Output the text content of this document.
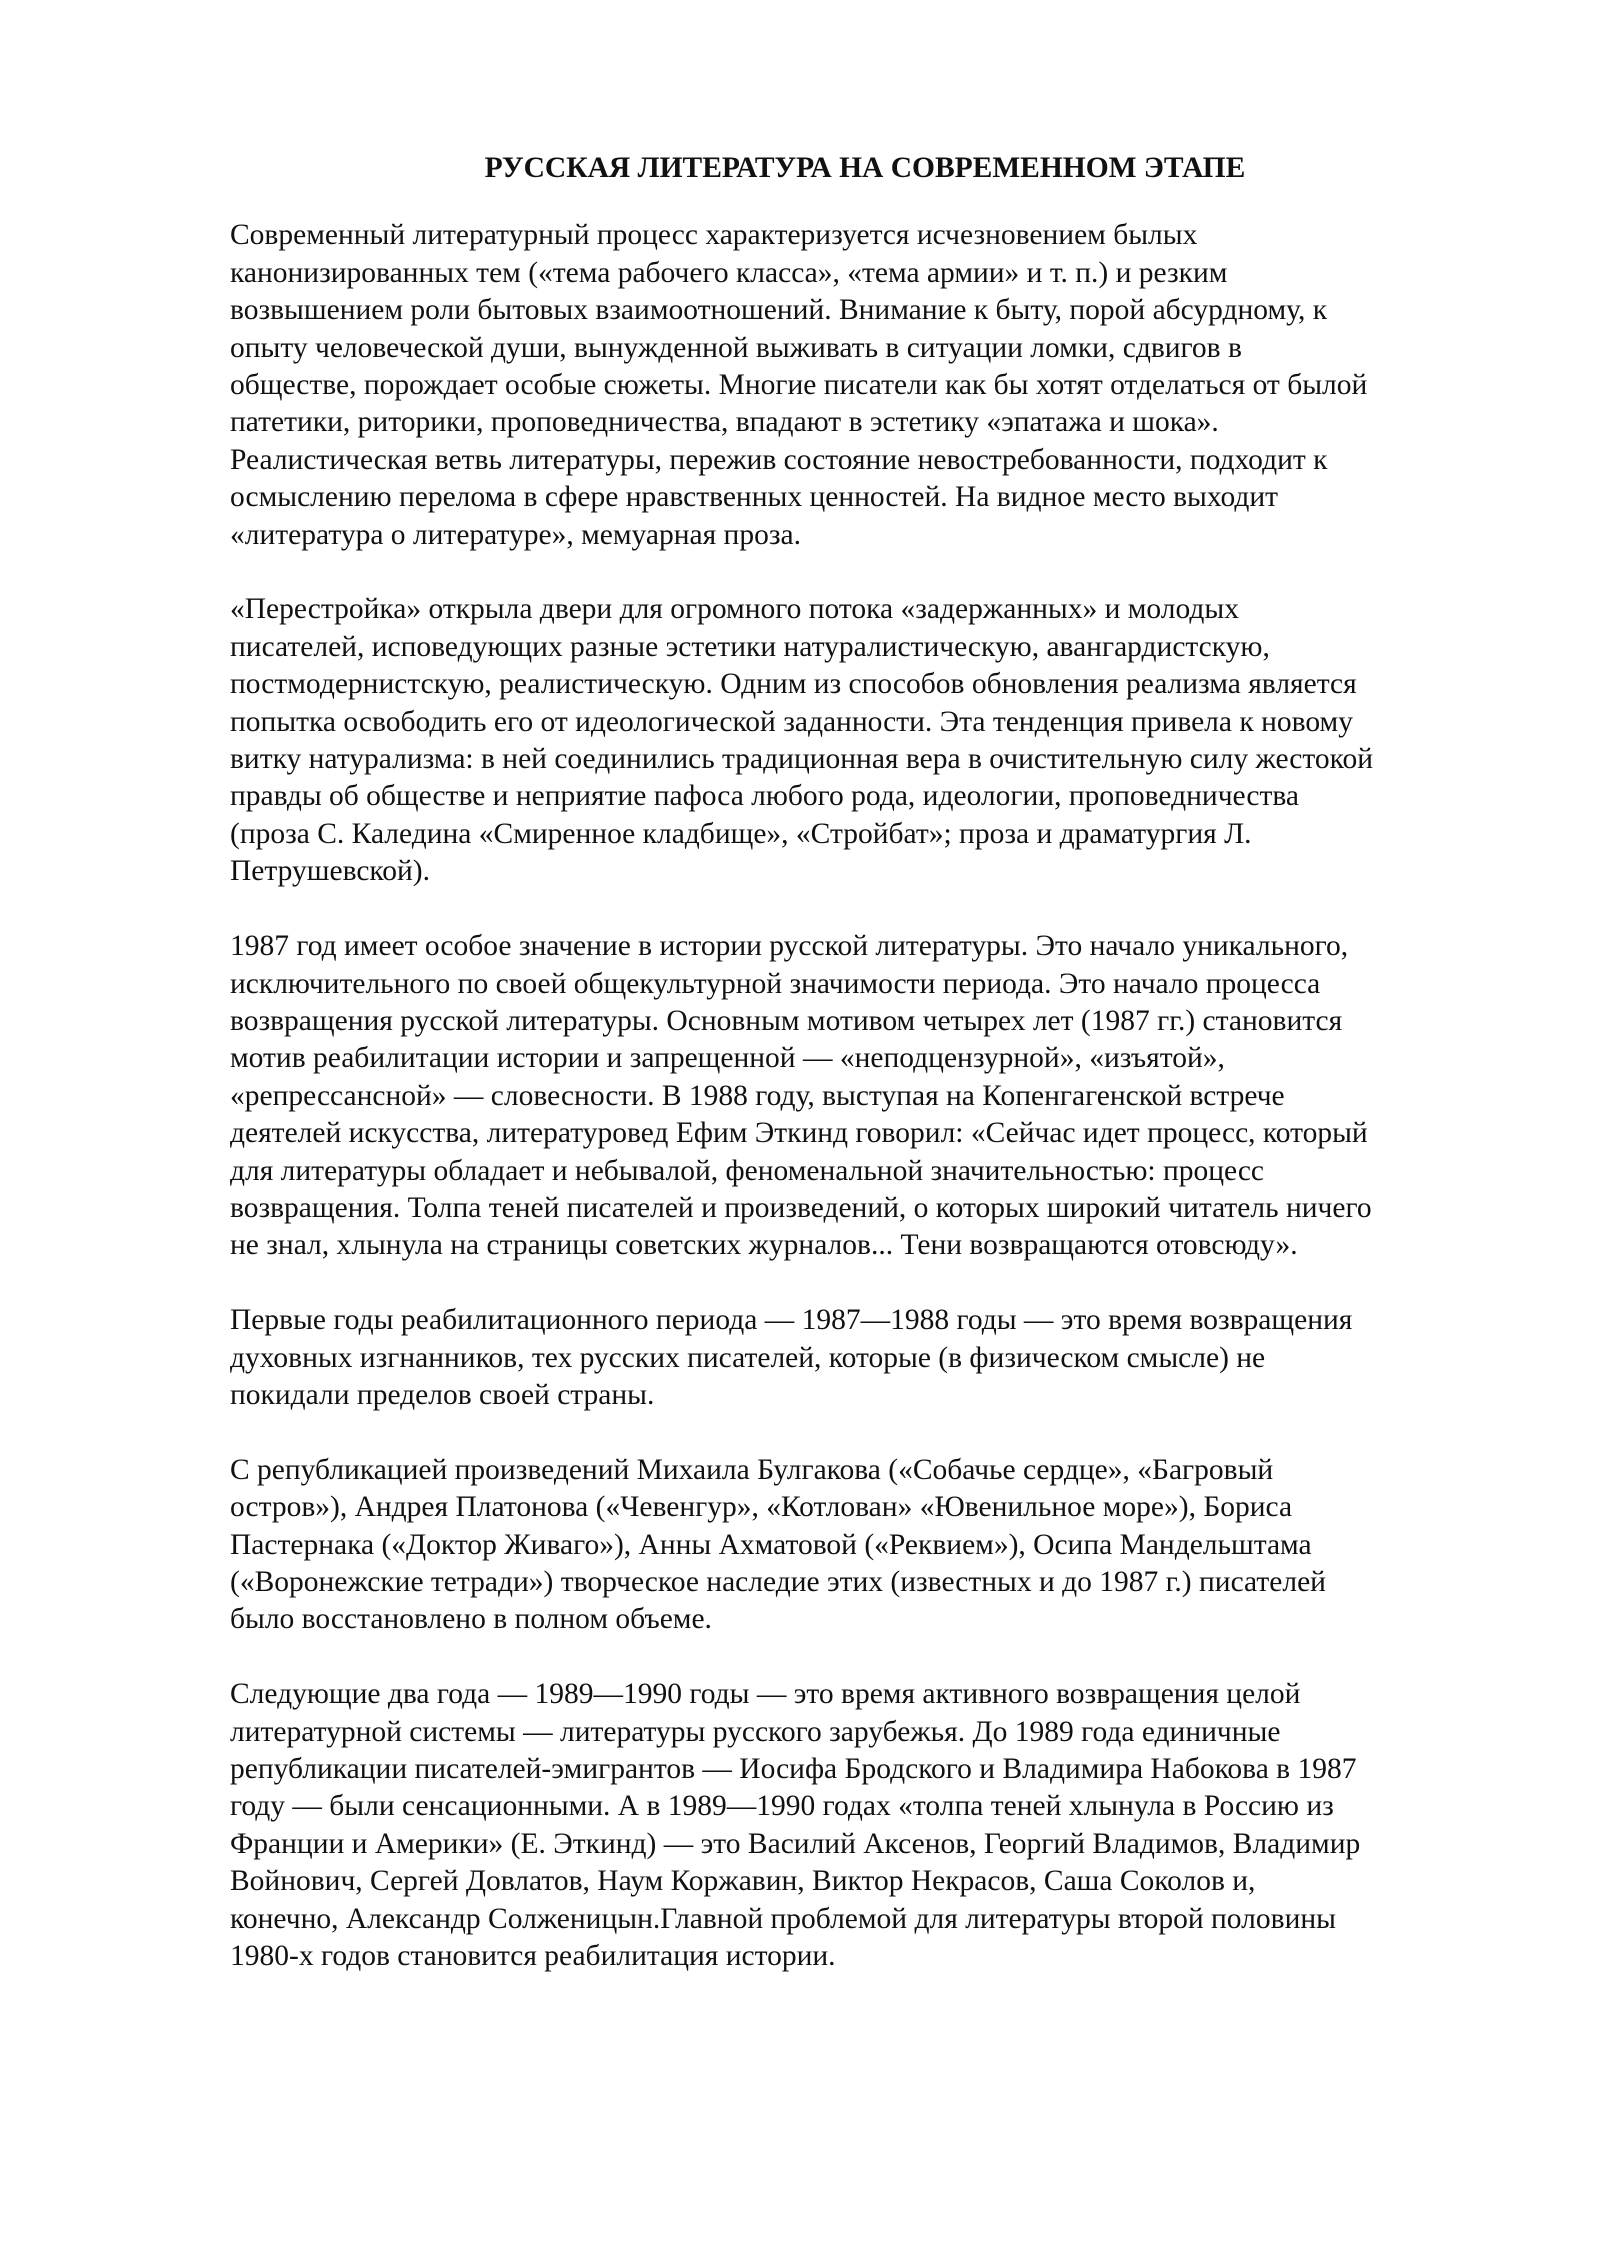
РУССКАЯ ЛИТЕРАТУРА НА СОВРЕМЕННОМ ЭТАПЕ
Современный литературный процесс характеризуется исчезновением былых
канонизированных тем («тема рабочего класса», «тема армии» и т. п.) и резким
возвышением роли бытовых взаимоотношений. Внимание к быту, порой абсурдному, к
опыту человеческой души, вынужденной выживать в ситуации ломки, сдвигов в
обществе, порождает особые сюжеты. Многие писатели как бы хотят отделаться от былой
патетики, риторики, проповедничества, впадают в эстетику «эпатажа и шока».
Реалистическая ветвь литературы, пережив состояние невостребованности, подходит к
осмыслению перелома в сфере нравственных ценностей. На видное место выходит
«литература о литературе», мемуарная проза.
«Перестройка» открыла двери для огромного потока «задержанных» и молодых
писателей, исповедующих разные эстетики натуралистическую, авангардистскую,
постмодернистскую, реалистическую. Одним из способов обновления реализма является
попытка освободить его от идеологической заданности. Эта тенденция привела к новому
витку натурализма: в ней соединились традиционная вера в очистительную силу жестокой
правды об обществе и неприятие пафоса любого рода, идеологии, проповедничества
(проза С. Каледина «Смиренное кладбище», «Стройбат»; проза и драматургия Л.
Петрушевской).
1987 год имеет особое значение в истории русской литературы. Это начало уникального,
исключительного по своей общекультурной значимости периода. Это начало процесса
возвращения русской литературы. Основным мотивом четырех лет (1987 гг.) становится
мотив реабилитации истории и запрещенной — «неподцензурной», «изъятой»,
«репрессансной» — словесности. В 1988 году, выступая на Копенгагенской встрече
деятелей искусства, литературовед Ефим Эткинд говорил: «Сейчас идет процесс, который
для литературы обладает и небывалой, феноменальной значительностью: процесс
возвращения. Толпа теней писателей и произведений, о которых широкий читатель ничего
не знал, хлынула на страницы советских журналов... Тени возвращаются отовсюду».
Первые годы реабилитационного периода — 1987—1988 годы — это время возвращения
духовных изгнанников, тех русских писателей, которые (в физическом смысле) не
покидали пределов своей страны.
С републикацией произведений Михаила Булгакова («Собачье сердце», «Багровый
остров»), Андрея Платонова («Чевенгур», «Котлован» «Ювенильное море»), Бориса
Пастернака («Доктор Живаго»), Анны Ахматовой («Реквием»), Осипа Мандельштама
(«Воронежские тетради») творческое наследие этих (известных и до 1987 г.) писателей
было восстановлено в полном объеме.
Следующие два года — 1989—1990 годы — это время активного возвращения целой
литературной системы — литературы русского зарубежья. До 1989 года единичные
републикации писателей-эмигрантов — Иосифа Бродского и Владимира Набокова в 1987
году — были сенсационными. А в 1989—1990 годах «толпа теней хлынула в Россию из
Франции и Америки» (Е. Эткинд) — это Василий Аксенов, Георгий Владимов, Владимир
Войнович, Сергей Довлатов, Наум Коржавин, Виктор Некрасов, Саша Соколов и,
конечно, Александр Солженицын.Главной проблемой для литературы второй половины
1980-х годов становится реабилитация истории.
